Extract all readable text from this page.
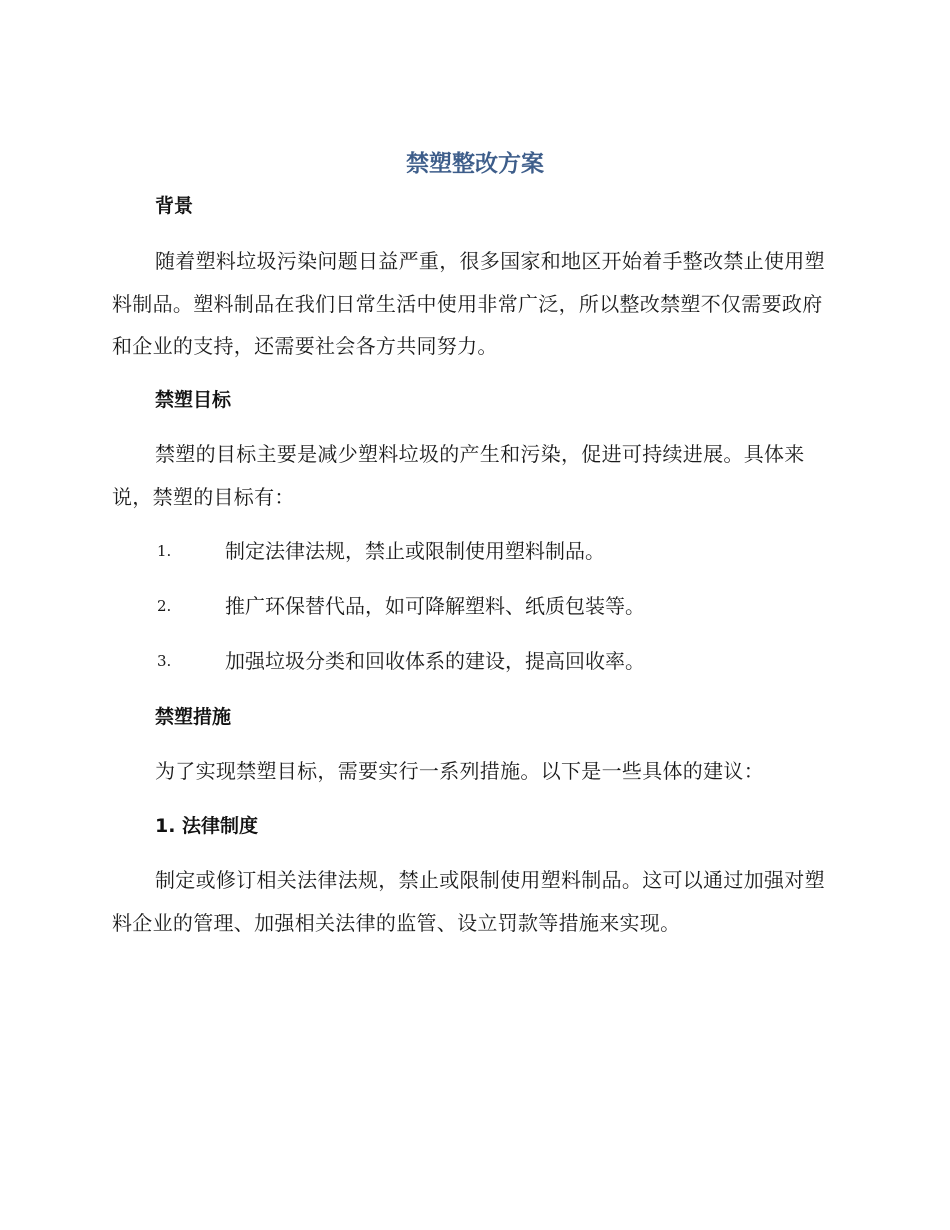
禁塑整改方案
背景
随着塑料垃圾污染问题日益严重，很多国家和地区开始着手整改禁止使用塑料制品。塑料制品在我们日常生活中使用非常广泛，所以整改禁塑不仅需要政府和企业的支持，还需要社会各方共同努力。
禁塑目标
禁塑的目标主要是减少塑料垃圾的产生和污染，促进可持续进展。具体来说，禁塑的目标有：
1.	制定法律法规，禁止或限制使用塑料制品。
2.	推广环保替代品，如可降解塑料、纸质包装等。
3.	加强垃圾分类和回收体系的建设，提高回收率。
禁塑措施
为了实现禁塑目标，需要实行一系列措施。以下是一些具体的建议：
1. 法律制度
制定或修订相关法律法规，禁止或限制使用塑料制品。这可以通过加强对塑料企业的管理、加强相关法律的监管、设立罚款等措施来实现。
